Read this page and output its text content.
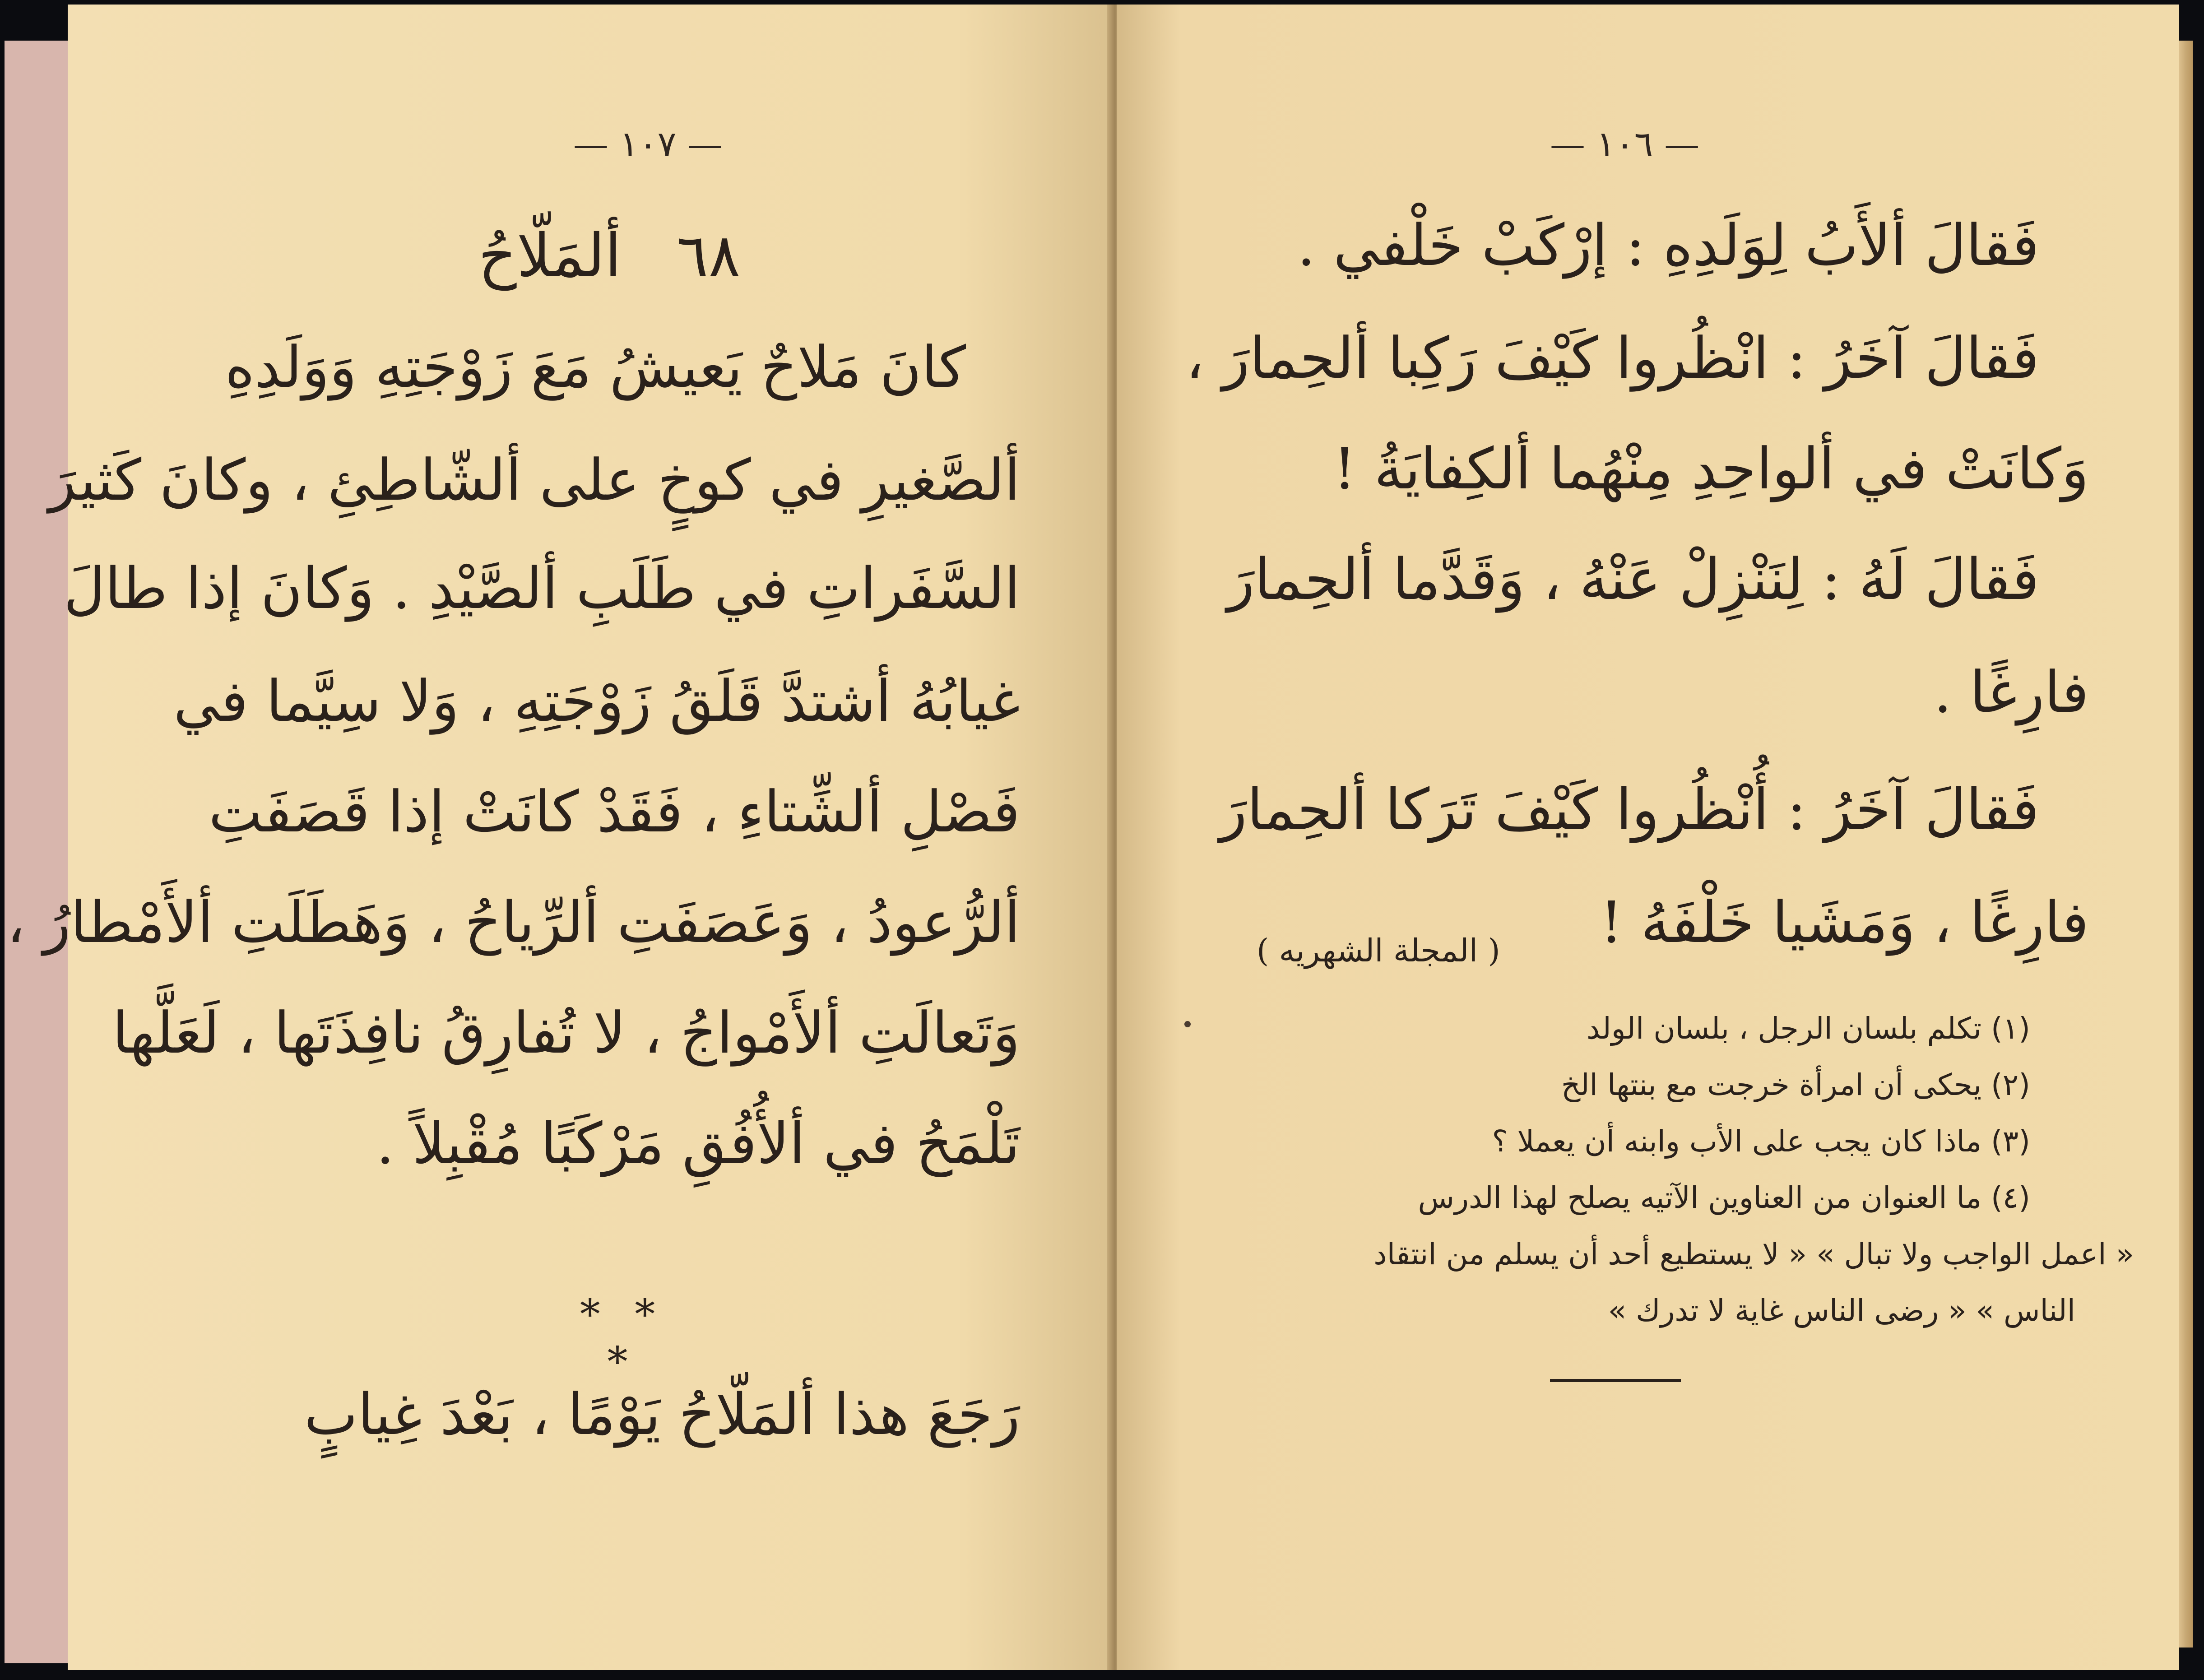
— ١٠٧ —
٦٨ ألمَلّاحُ
كانَ مَلاحٌ يَعيشُ مَعَ زَوْجَتِهِ وَوَلَدِهِ
ألصَّغيرِ في كوخٍ على ألشّاطِئِ ، وكانَ كَثيرَ
السَّفَراتِ في طَلَبِ ألصَّيْدِ . وَكانَ إذا طالَ
غيابُهُ أشتدَّ قَلَقُ زَوْجَتِهِ ، وَلا سِيَّما في
فَصْلِ ألشِّتاءِ ، فَقَدْ كانَتْ إذا قَصَفَتِ
ألرُّعودُ ، وَعَصَفَتِ ألرِّياحُ ، وَهَطَلَتِ ألأَمْطارُ ،
وَتَعالَتِ ألأَمْواجُ ، لا تُفارِقُ نافِذَتَها ، لَعَلَّها
تَلْمَحُ في ألأُفُقِ مَرْكَبًا مُقْبِلاً .
* * *
رَجَعَ هذا ألمَلّاحُ يَوْمًا ، بَعْدَ غِيابٍ
— ١٠٦ —
فَقالَ ألأَبُ لِوَلَدِهِ : إرْكَبْ خَلْفي .
فَقالَ آخَرُ : انْظُروا كَيْفَ رَكِبا ألحِمارَ ،
وَكانَتْ في ألواحِدِ مِنْهُما ألكِفايَةُ !
فَقالَ لَهُ : لِنَنْزِلْ عَنْهُ ، وَقَدَّما ألحِمارَ
فارِغًا .
فَقالَ آخَرُ : أُنْظُروا كَيْفَ تَرَكا ألحِمارَ
فارِغًا ، وَمَشَيا خَلْفَهُ !
( المجلة الشهريه )
(١) تكلم بلسان الرجل ، بلسان الولد
(٢) يحكى أن امرأة خرجت مع بنتها الخ
(٣) ماذا كان يجب على الأب وابنه أن يعملا ؟
(٤) ما العنوان من العناوين الآتيه يصلح لهذا الدرس
« اعمل الواجب ولا تبال » « لا يستطيع أحد أن يسلم من انتقاد
الناس » « رضى الناس غاية لا تدرك »
